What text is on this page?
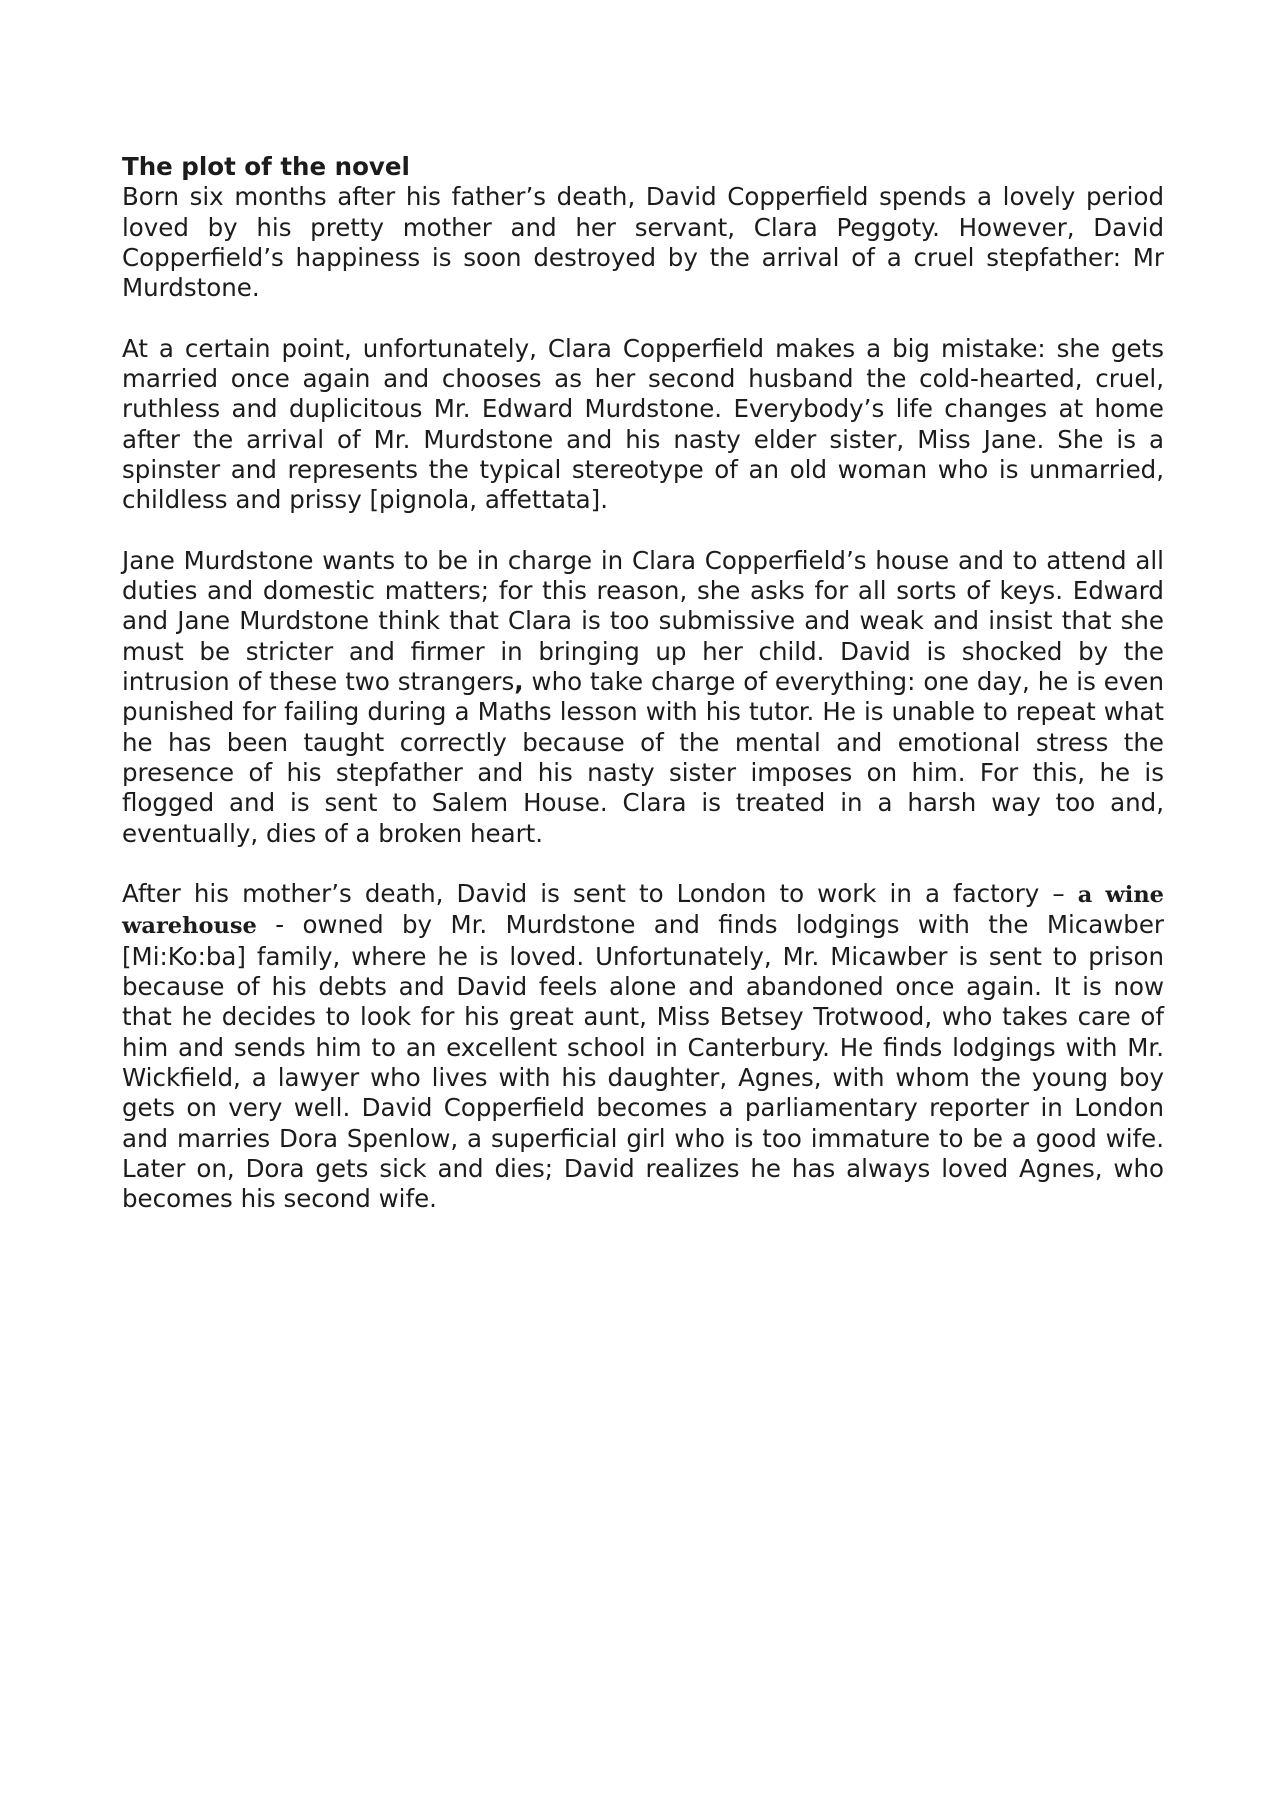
The plot of the novel

Born six months after his father’s death, David Copperfield spends a lovely period loved by his pretty mother and her servant, Clara Peggoty. However, David Copperfield’s happiness is soon destroyed by the arrival of a cruel stepfather: Mr Murdstone.

At a certain point, unfortunately, Clara Copperfield makes a big mistake: she gets married once again and chooses as her second husband the cold-hearted, cruel, ruthless and duplicitous Mr. Edward Murdstone. Everybody’s life changes at home after the arrival of Mr. Murdstone and his nasty elder sister, Miss Jane. She is a spinster and represents the typical stereotype of an old woman who is unmarried, childless and prissy [pignola, affettata].

Jane Murdstone wants to be in charge in Clara Copperfield’s house and to attend all duties and domestic matters; for this reason, she asks for all sorts of keys. Edward and Jane Murdstone think that Clara is too submissive and weak and insist that she must be stricter and firmer in bringing up her child. David is shocked by the intrusion of these two strangers, who take charge of everything: one day, he is even punished for failing during a Maths lesson with his tutor. He is unable to repeat what he has been taught correctly because of the mental and emotional stress the presence of his stepfather and his nasty sister imposes on him. For this, he is flogged and is sent to Salem House. Clara is treated in a harsh way too and, eventually, dies of a broken heart.

After his mother’s death, David is sent to London to work in a factory – a wine warehouse - owned by Mr. Murdstone and finds lodgings with the Micawber [Mi:Ko:ba] family, where he is loved. Unfortunately, Mr. Micawber is sent to prison because of his debts and David feels alone and abandoned once again. It is now that he decides to look for his great aunt, Miss Betsey Trotwood, who takes care of him and sends him to an excellent school in Canterbury. He finds lodgings with Mr. Wickfield, a lawyer who lives with his daughter, Agnes, with whom the young boy gets on very well. David Copperfield becomes a parliamentary reporter in London and marries Dora Spenlow, a superficial girl who is too immature to be a good wife. Later on, Dora gets sick and dies; David realizes he has always loved Agnes, who becomes his second wife.
